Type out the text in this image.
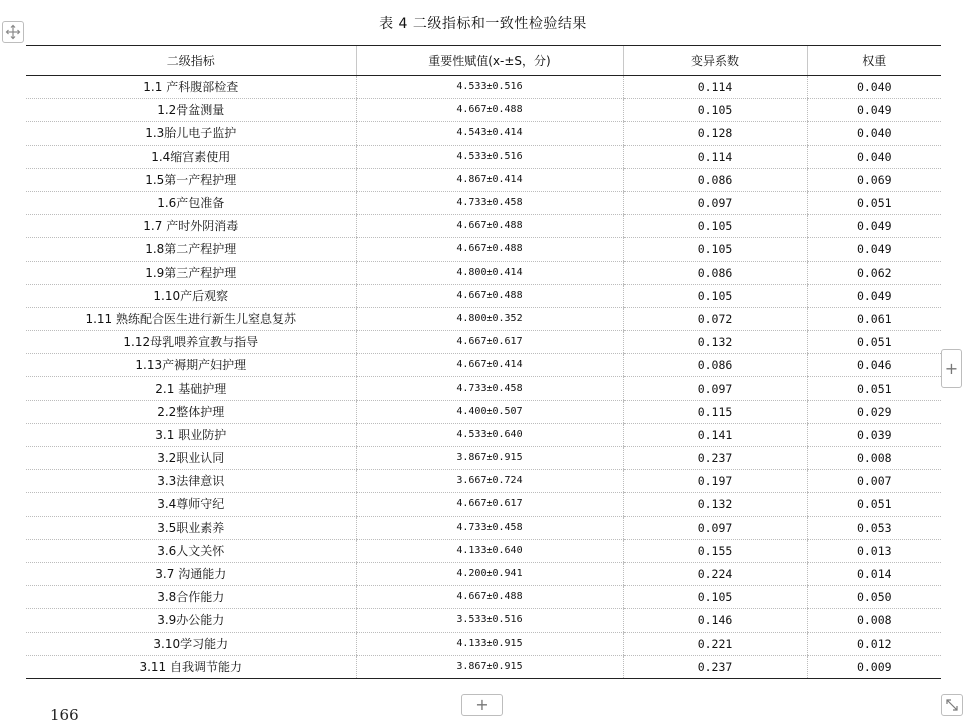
表 4 二级指标和一致性检验结果
二级指标	重要性赋值(x-±S，分)	变异系数	权重
1.1 产科腹部检查	4.533±0.516	0.114	0.040
1.2骨盆测量	4.667±0.488	0.105	0.049
1.3胎儿电子监护	4.543±0.414	0.128	0.040
1.4缩宫素使用	4.533±0.516	0.114	0.040
1.5第一产程护理	4.867±0.414	0.086	0.069
1.6产包准备	4.733±0.458	0.097	0.051
1.7 产时外阴消毒	4.667±0.488	0.105	0.049
1.8第二产程护理	4.667±0.488	0.105	0.049
1.9第三产程护理	4.800±0.414	0.086	0.062
1.10产后观察	4.667±0.488	0.105	0.049
1.11 熟练配合医生进行新生儿窒息复苏	4.800±0.352	0.072	0.061
1.12母乳喂养宣教与指导	4.667±0.617	0.132	0.051
1.13产褥期产妇护理	4.667±0.414	0.086	0.046
2.1 基础护理	4.733±0.458	0.097	0.051
2.2整体护理	4.400±0.507	0.115	0.029
3.1 职业防护	4.533±0.640	0.141	0.039
3.2职业认同	3.867±0.915	0.237	0.008
3.3法律意识	3.667±0.724	0.197	0.007
3.4尊师守纪	4.667±0.617	0.132	0.051
3.5职业素养	4.733±0.458	0.097	0.053
3.6人文关怀	4.133±0.640	0.155	0.013
3.7 沟通能力	4.200±0.941	0.224	0.014
3.8合作能力	4.667±0.488	0.105	0.050
3.9办公能力	3.533±0.516	0.146	0.008
3.10学习能力	4.133±0.915	0.221	0.012
3.11 自我调节能力	3.867±0.915	0.237	0.009
+
+
166
